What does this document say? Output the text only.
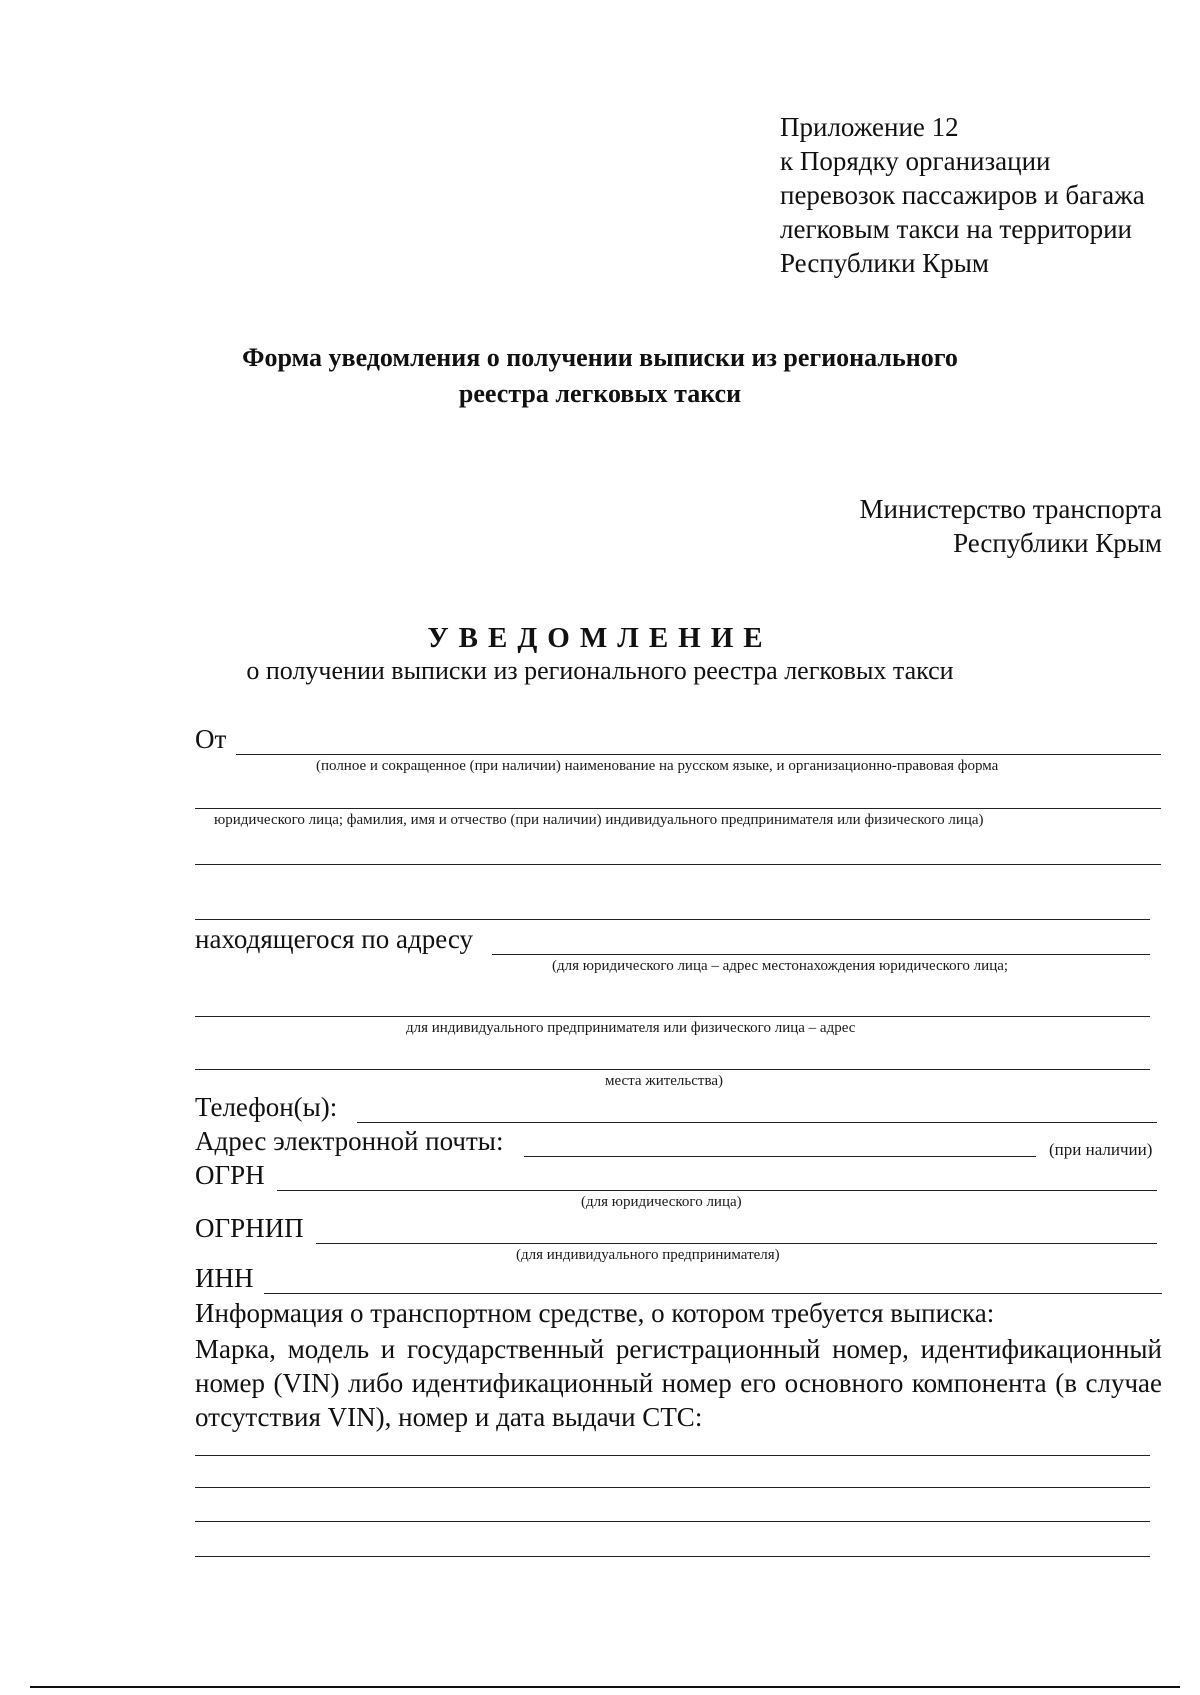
Приложение 12
к Порядку организации
перевозок пассажиров и багажа
легковым такси на территории
Республики Крым
Форма уведомления о получении выписки из регионального
реестра легковых такси
Министерство транспорта
Республики Крым
УВЕДОМЛЕНИЕ
о получении выписки из регионального реестра легковых такси
От
(полное и сокращенное (при наличии) наименование на русском языке, и организационно-правовая форма
юридического лица; фамилия, имя и отчество (при наличии) индивидуального предпринимателя или физического лица)
находящегося по адресу
(для юридического лица – адрес местонахождения юридического лица;
для индивидуального предпринимателя или физического лица – адрес
места жительства)
Телефон(ы):
Адрес электронной почты:	(при наличии)
ОГРН
(для юридического лица)
ОГРНИП
(для индивидуального предпринимателя)
ИНН
Информация о транспортном средстве, о котором требуется выписка:
Марка, модель и государственный регистрационный номер, идентификационный номер (VIN) либо идентификационный номер его основного компонента (в случае отсутствия VIN), номер и дата выдачи СТС:
